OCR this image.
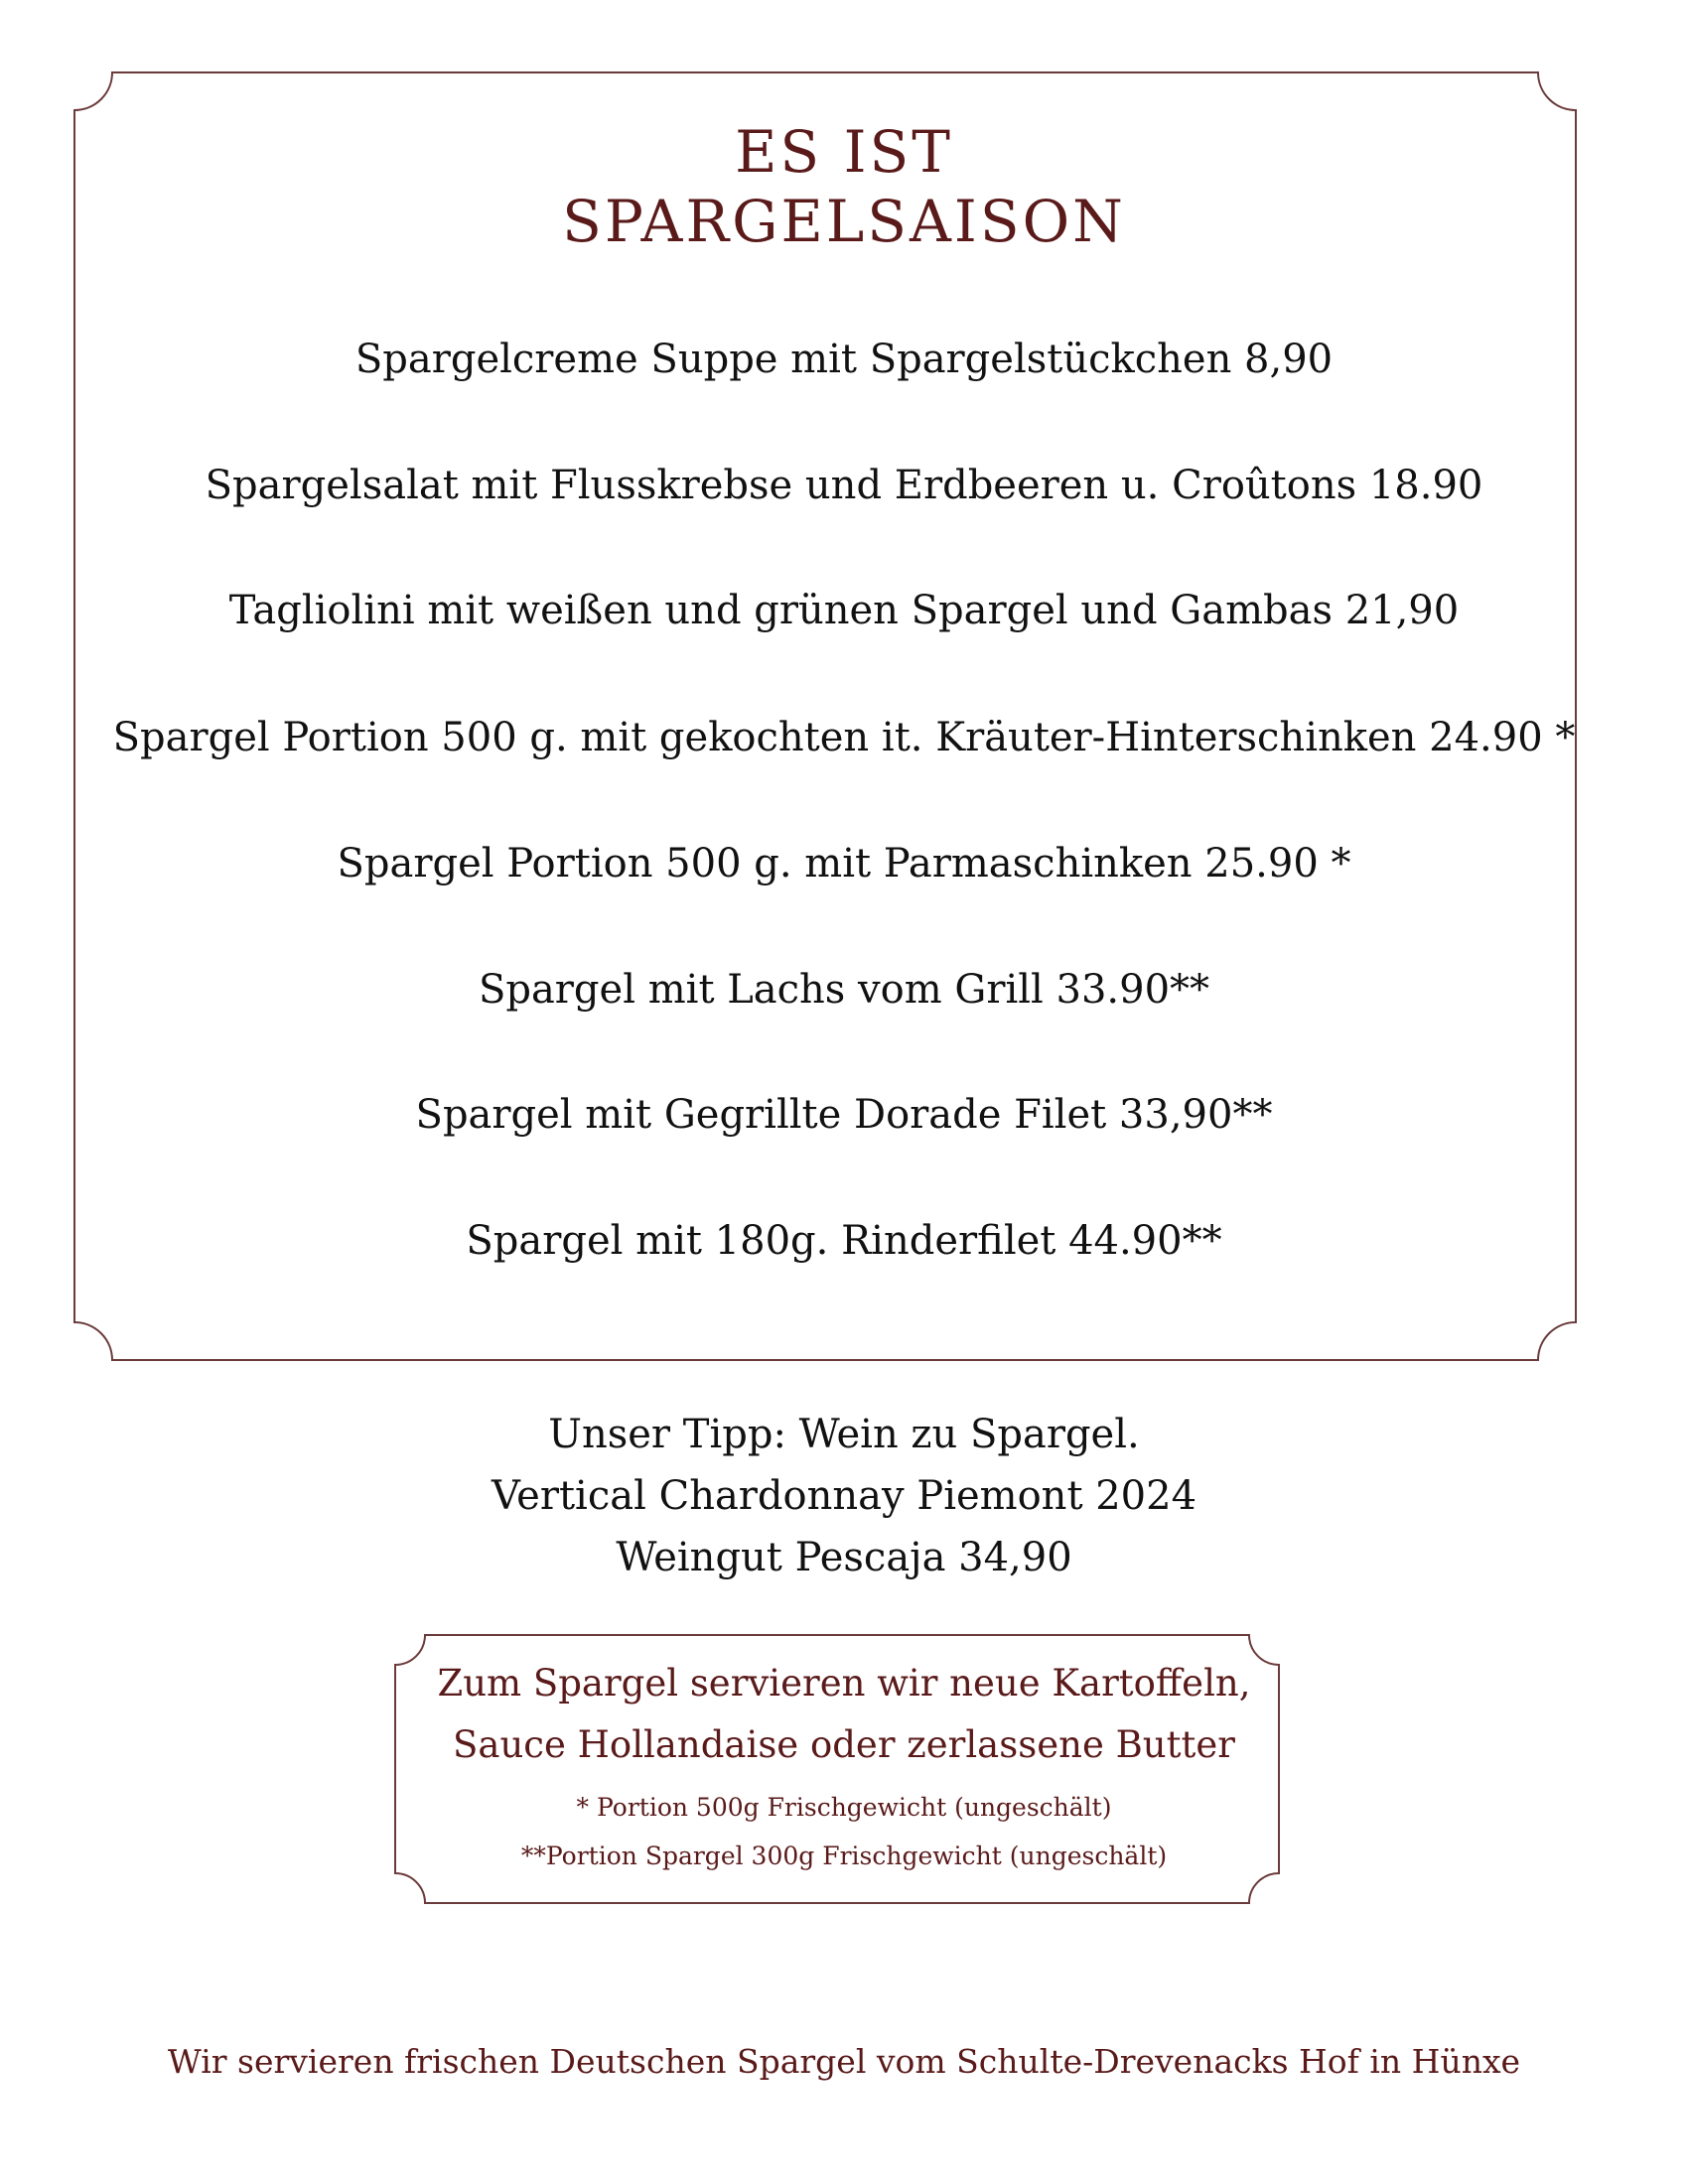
ES IST
SPARGELSAISON
Spargelcreme Suppe mit Spargelstückchen 8,90
Spargelsalat mit Flusskrebse und Erdbeeren u. Croûtons 18.90
Tagliolini mit weißen und grünen Spargel und Gambas 21,90
Spargel Portion 500 g. mit gekochten it. Kräuter-Hinterschinken 24.90 *
Spargel Portion 500 g. mit Parmaschinken 25.90 *
Spargel mit Lachs vom Grill 33.90**
Spargel mit Gegrillte Dorade Filet 33,90**
Spargel mit 180g. Rinderfilet 44.90**
Unser Tipp: Wein zu Spargel.
Vertical Chardonnay Piemont 2024
Weingut Pescaja 34,90
Zum Spargel servieren wir neue Kartoffeln,
Sauce Hollandaise oder zerlassene Butter
* Portion 500g Frischgewicht (ungeschält)
**Portion Spargel 300g Frischgewicht (ungeschält)
Wir servieren frischen Deutschen Spargel vom Schulte-Drevenacks Hof in Hünxe
